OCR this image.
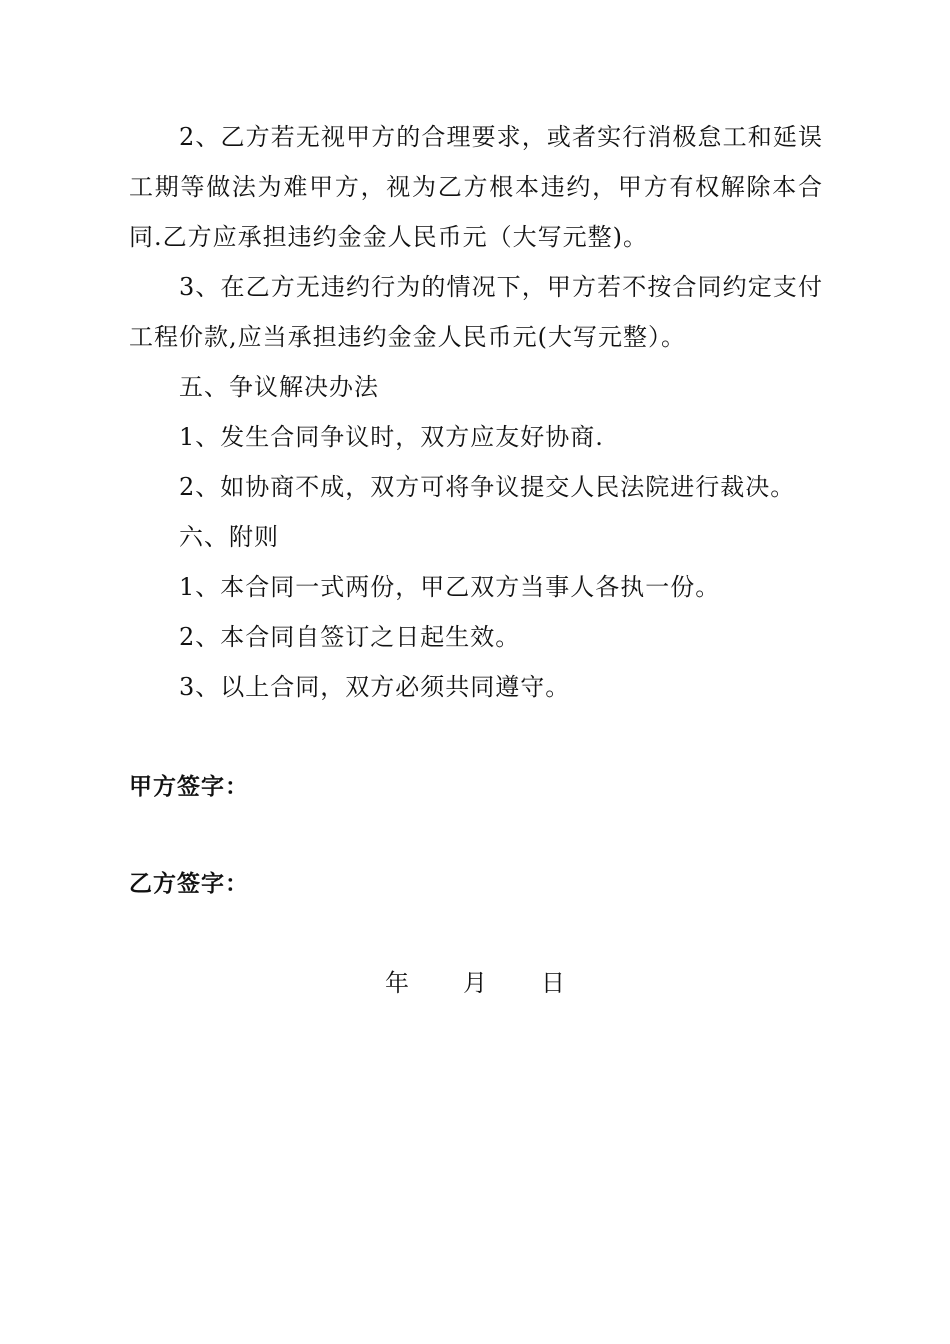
2、乙方若无视甲方的合理要求，或者实行消极怠工和延误工期等做法为难甲方，视为乙方根本违约，甲方有权解除本合同.乙方应承担违约金金人民币元（大写元整)。

3、在乙方无违约行为的情况下，甲方若不按合同约定支付工程价款,应当承担违约金金人民币元(大写元整）。

五、争议解决办法

1、发生合同争议时，双方应友好协商.

2、如协商不成，双方可将争议提交人民法院进行裁决。

六、附则

1、本合同一式两份，甲乙双方当事人各执一份。

2、本合同自签订之日起生效。

3、以上合同，双方必须共同遵守。

甲方签字：
乙方签字：
年	月	日
